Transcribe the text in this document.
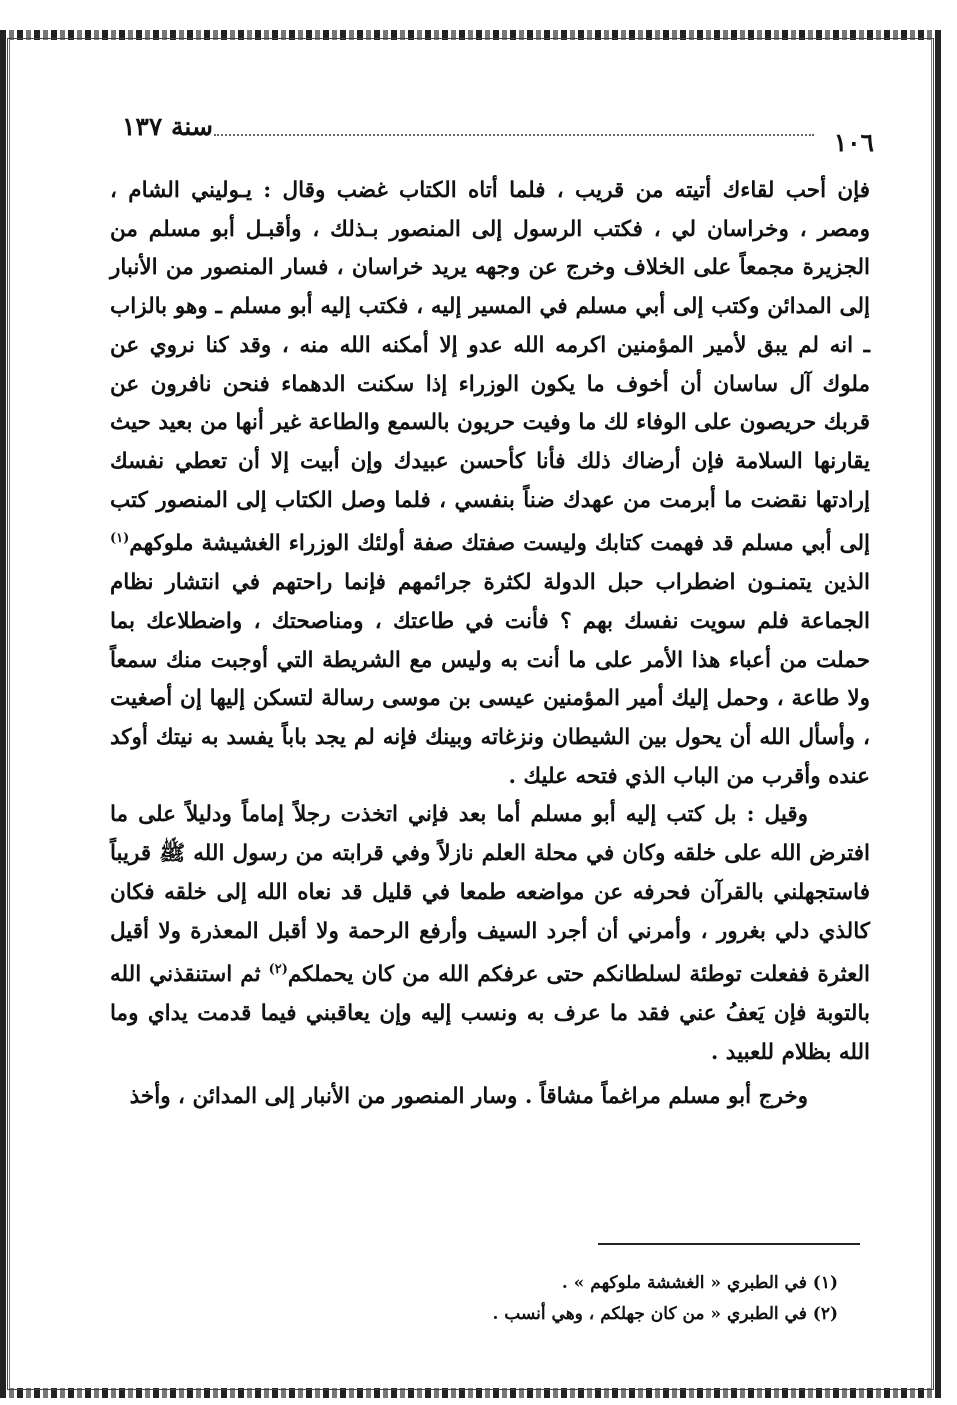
١٠٦
سنة ١٣٧

فإن أحب لقاءك أتيته من قريب ، فلما أتاه الكتاب غضب وقال : يـوليني الشام ، ومصر ، وخراسان لي ، فكتب الرسول إلى المنصور بـذلك ، وأقبـل أبو مسلم من الجزيرة مجمعاً على الخلاف وخرج عن وجهه يريد خراسان ، فسار المنصور من الأنبار إلى المدائن وكتب إلى أبي مسلم في المسير إليه ، فكتب إليه أبو مسلم ـ وهو بالزاب ـ انه لم يبق لأمير المؤمنين اكرمه الله عدو إلا أمكنه الله منه ، وقد كنا نروي عن ملوك آل ساسان أن أخوف ما يكون الوزراء إذا سكنت الدهماء فنحن نافرون عن قربك حريصون على الوفاء لك ما وفيت حريون بالسمع والطاعة غير أنها من بعيد حيث يقارنها السلامة فإن أرضاك ذلك فأنا كأحسن عبيدك وإن أبيت إلا أن تعطي نفسك إرادتها نقضت ما أبرمت من عهدك ضناً بنفسي ، فلما وصل الكتاب إلى المنصور كتب إلى أبي مسلم قد فهمت كتابك وليست صفتك صفة أولئك الوزراء الغشيشة ملوكهم$^{(١)}$ الذين يتمنـون اضطراب حبل الدولة لكثرة جرائمهم فإنما راحتهم في انتشار نظام الجماعة فلم سويت نفسك بهم ؟ فأنت في طاعتك ، ومناصحتك ، واضطلاعك بما حملت من أعباء هذا الأمر على ما أنت به وليس مع الشريطة التي أوجبت منك سمعاً ولا طاعة ، وحمل إليك أمير المؤمنين عيسى بن موسى رسالة لتسكن إليها إن أصغيت ، وأسأل الله أن يحول بين الشيطان ونزغاته وبينك فإنه لم يجد باباً يفسد به نيتك أوكد عنده وأقرب من الباب الذي فتحه عليك .

وقيل : بل كتب إليه أبو مسلم أما بعد فإني اتخذت رجلاً إماماً ودليلاً على ما افترض الله على خلقه وكان في محلة العلم نازلاً وفي قرابته من رسول الله ﷺ قريباً فاستجهلني بالقرآن فحرفه عن مواضعه طمعا في قليل قد نعاه الله إلى خلقه فكان كالذي دلي بغرور ، وأمرني أن أجرد السيف وأرفع الرحمة ولا أقبل المعذرة ولا أقيل العثرة ففعلت توطئة لسلطانكم حتى عرفكم الله من كان يحملكم$^{(٢)}$ ثم استنقذني الله بالتوبة فإن يَعفُ عني فقد ما عرف به ونسب إليه وإن يعاقبني فيما قدمت يداي وما الله بظلام للعبيد .

وخرج أبو مسلم مراغماً مشاقاً . وسار المنصور من الأنبار إلى المدائن ، وأخذ

(١) في الطبري « الغششة ملوكهم » .
(٢) في الطبري « من كان جهلكم ، وهي أنسب .
